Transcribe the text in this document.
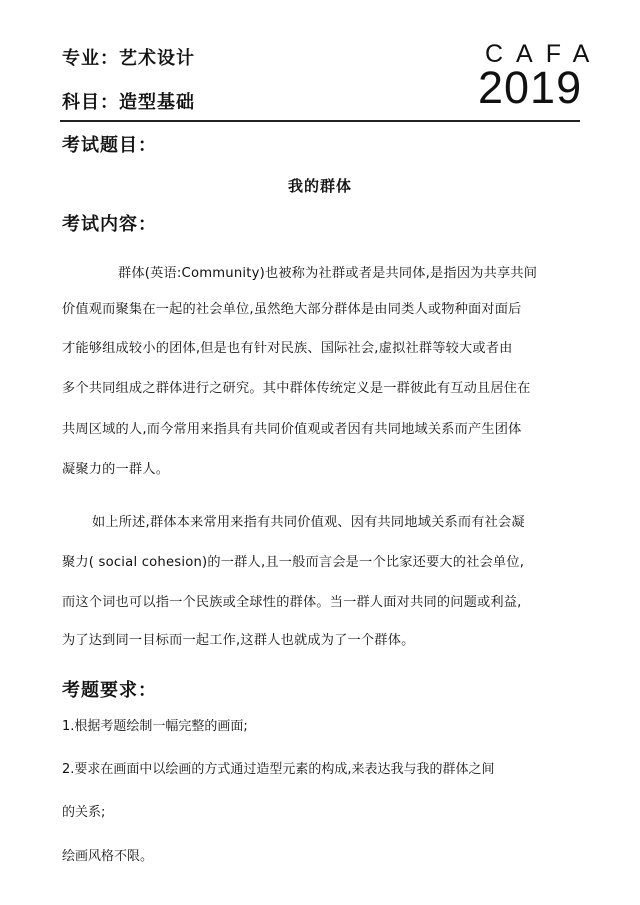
专业：艺术设计
科目：造型基础
CAFA
2019
考试题目：
我的群体
考试内容：
群体(英语:Community)也被称为社群或者是共同体,是指因为共享共间
价值观而聚集在一起的社会单位,虽然绝大部分群体是由同类人或物种面对面后
才能够组成较小的团体,但是也有针对民族、国际社会,虚拟社群等较大或者由
多个共同组成之群体进行之研究。其中群体传统定义是一群彼此有互动且居住在
共周区域的人,而今常用来指具有共同价值观或者因有共同地域关系而产生团体
凝聚力的一群人。
如上所述,群体本来常用来指有共同价值观、因有共同地域关系而有社会凝
聚力( social cohesion)的一群人,且一般而言会是一个比家还要大的社会单位,
而这个词也可以指一个民族或全球性的群体。当一群人面对共同的问题或利益,
为了达到同一目标而一起工作,这群人也就成为了一个群体。
考题要求：
1.根据考题绘制一幅完整的画面;
2.要求在画面中以绘画的方式通过造型元素的构成,来表达我与我的群体之间
的关系;
绘画风格不限。
